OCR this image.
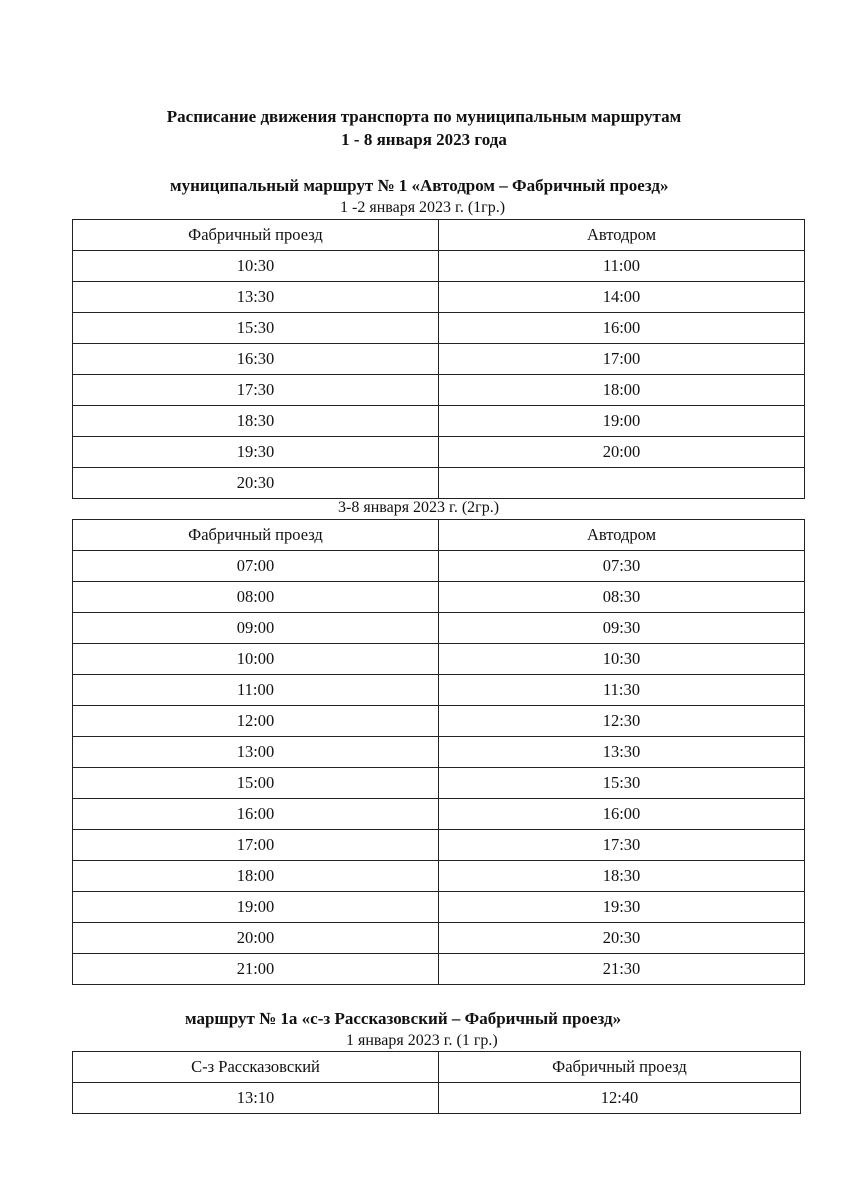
Расписание движения транспорта по муниципальным маршрутам
1 - 8 января 2023 года
муниципальный маршрут № 1 «Автодром – Фабричный проезд»
1 -2 января 2023 г. (1гр.)
Фабричный проезд	Автодром
10:30	11:00
13:30	14:00
15:30	16:00
16:30	17:00
17:30	18:00
18:30	19:00
19:30	20:00
20:30	
3-8 января 2023 г. (2гр.)
Фабричный проезд	Автодром
07:00	07:30
08:00	08:30
09:00	09:30
10:00	10:30
11:00	11:30
12:00	12:30
13:00	13:30
15:00	15:30
16:00	16:00
17:00	17:30
18:00	18:30
19:00	19:30
20:00	20:30
21:00	21:30
маршрут № 1а «с-з Рассказовский – Фабричный проезд»
1 января 2023 г. (1 гр.)
С-з Рассказовский	Фабричный проезд
13:10	12:40
